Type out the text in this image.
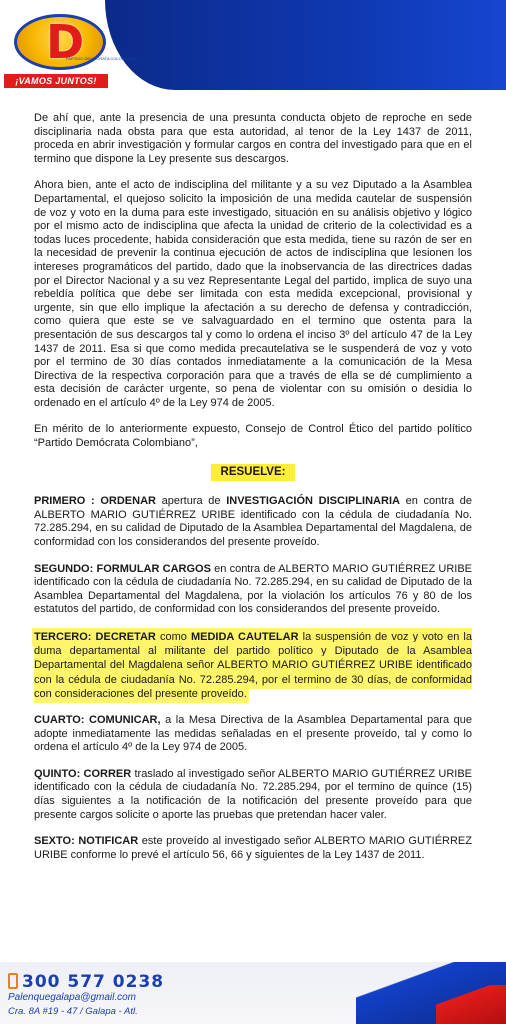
D
PARTIDO DEMÓCRATA COLOMBIANO
¡VAMOS JUNTOS!

De ahí que, ante la presencia de una presunta conducta objeto de reproche en sede disciplinaria nada obsta para que esta autoridad, al tenor de la Ley 1437 de 2011, proceda en abrir investigación y formular cargos en contra del investigado para que en el termino que dispone la Ley presente sus descargos.

Ahora bien, ante el acto de indisciplina del militante y a su vez Diputado a la Asamblea Departamental, el quejoso solicito la imposición de una medida cautelar de suspensión de voz y voto en la duma para este investigado, situación en su análisis objetivo y lógico por el mismo acto de indisciplina que afecta la unidad de criterio de la colectividad es a todas luces procedente, habida consideración que esta medida, tiene su razón de ser en la necesidad de prevenir la continua ejecución de actos de indisciplina que lesionen los intereses programáticos del partido, dado que la inobservancia de las directrices dadas por el Director Nacional y a su vez Representante Legal del partido, implica de suyo una rebeldía política que debe ser limitada con esta medida excepcional, provisional y urgente, sin que ello implique la afectación a su derecho de defensa y contradicción, como quiera que este se ve salvaguardado en el termino que ostenta para la presentación de sus descargos tal y como lo ordena el inciso 3º del artículo 47 de la Ley 1437 de 2011. Esa si que como medida precautelativa se le suspenderá de voz y voto por el termino de 30 días contados inmediatamente a la comunicación de la Mesa Directiva de la respectiva corporación para que a través de ella se dé cumplimiento a esta decisión de carácter urgente, so pena de violentar con su omisión o desidia lo ordenado en el artículo 4º de la Ley 974 de 2005.

En mérito de lo anteriormente expuesto, Consejo de Control Ético del partido político “Partido Demócrata Colombiano”,

RESUELVE:

PRIMERO : ORDENAR apertura de INVESTIGACIÓN DISCIPLINARIA en contra de ALBERTO MARIO GUTIÉRREZ URIBE identificado con la cédula de ciudadanía No. 72.285.294, en su calidad de Diputado de la Asamblea Departamental del Magdalena, de conformidad con los considerandos del presente proveído.

SEGUNDO: FORMULAR CARGOS en contra de ALBERTO MARIO GUTIÉRREZ URIBE identificado con la cédula de ciudadanía No. 72.285.294, en su calidad de Diputado de la Asamblea Departamental del Magdalena, por la violación los artículos 76 y 80 de los estatutos del partido, de conformidad con los considerandos del presente proveído.

TERCERO: DECRETAR como MEDIDA CAUTELAR la suspensión de voz y voto en la duma departamental al militante del partido político y Diputado de la Asamblea Departamental del Magdalena señor ALBERTO MARIO GUTIÉRREZ URIBE identificado con la cédula de ciudadanía No. 72.285.294, por el termino de 30 días, de conformidad con consideraciones del presente proveído.

CUARTO: COMUNICAR, a la Mesa Directiva de la Asamblea Departamental para que adopte inmediatamente las medidas señaladas en el presente proveído, tal y como lo ordena el artículo 4º de la Ley 974 de 2005.

QUINTO: CORRER traslado al investigado señor ALBERTO MARIO GUTIÉRREZ URIBE identificado con la cédula de ciudadanía No. 72.285.294, por el termino de quince (15) días siguientes a la notificación de la notificación del presente proveído para que presente cargos solicite o aporte las pruebas que pretendan hacer valer.

SEXTO: NOTIFICAR este proveído al investigado señor ALBERTO MARIO GUTIÉRREZ URIBE conforme lo prevé el artículo 56, 66 y siguientes de la Ley 1437 de 2011.

300 577 0238
Palenquegalapa@gmail.com
Cra. 8A #19 - 47 / Galapa - Atl.
